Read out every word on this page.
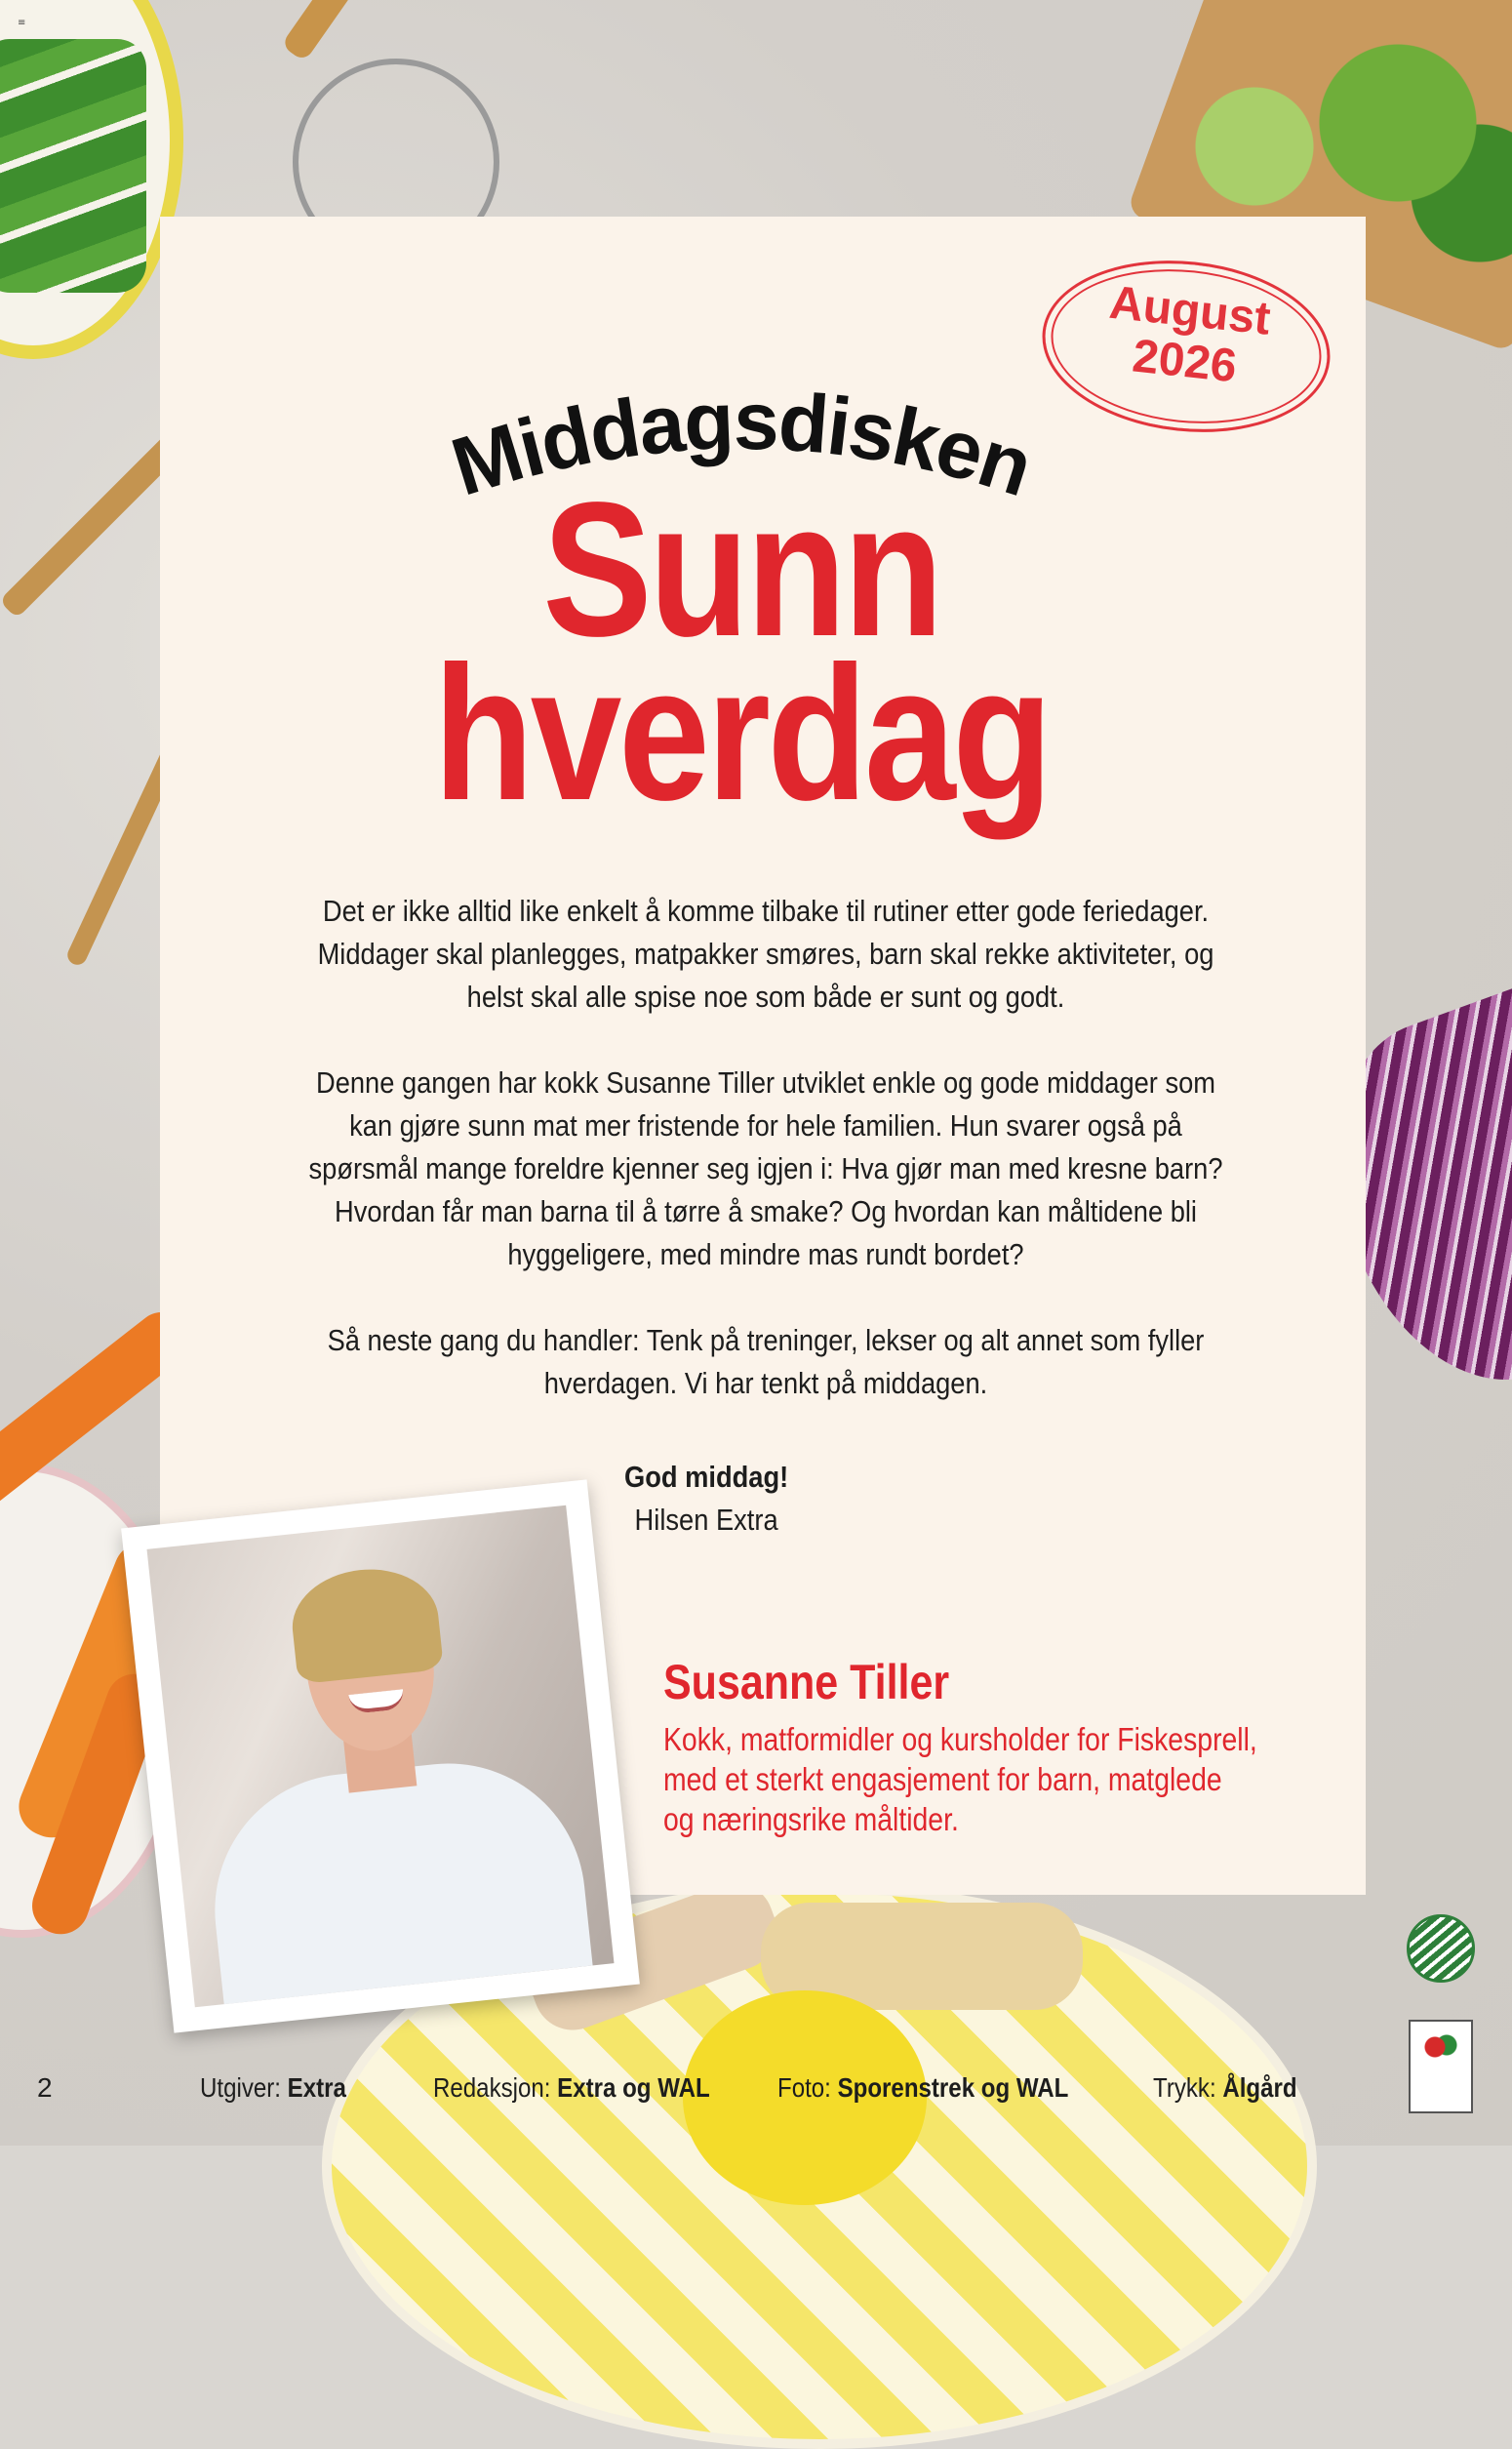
≡
August
2026
Middagsdisken
Sunn
hverdag

Det er ikke alltid like enkelt å komme tilbake til rutiner etter gode feriedager. Middager skal planlegges, matpakker smøres, barn skal rekke aktiviteter, og helst skal alle spise noe som både er sunt og godt.

Denne gangen har kokk Susanne Tiller utviklet enkle og gode middager som kan gjøre sunn mat mer fristende for hele familien. Hun svarer også på spørsmål mange foreldre kjenner seg igjen i: Hva gjør man med kresne barn? Hvordan får man barna til å tørre å smake? Og hvordan kan måltidene bli hyggeligere, med mindre mas rundt bordet?

Så neste gang du handler: Tenk på treninger, lekser og alt annet som fyller hverdagen. Vi har tenkt på middagen.

God middag!
Hilsen Extra
Susanne Tiller
Kokk, matformidler og kursholder for Fiskesprell,
med et sterkt engasjement for barn, matglede
og næringsrike måltider.
2	Utgiver: Extra	Redaksjon: Extra og WAL Foto: Sporenstrek og WAL	Trykk: Ålgård
